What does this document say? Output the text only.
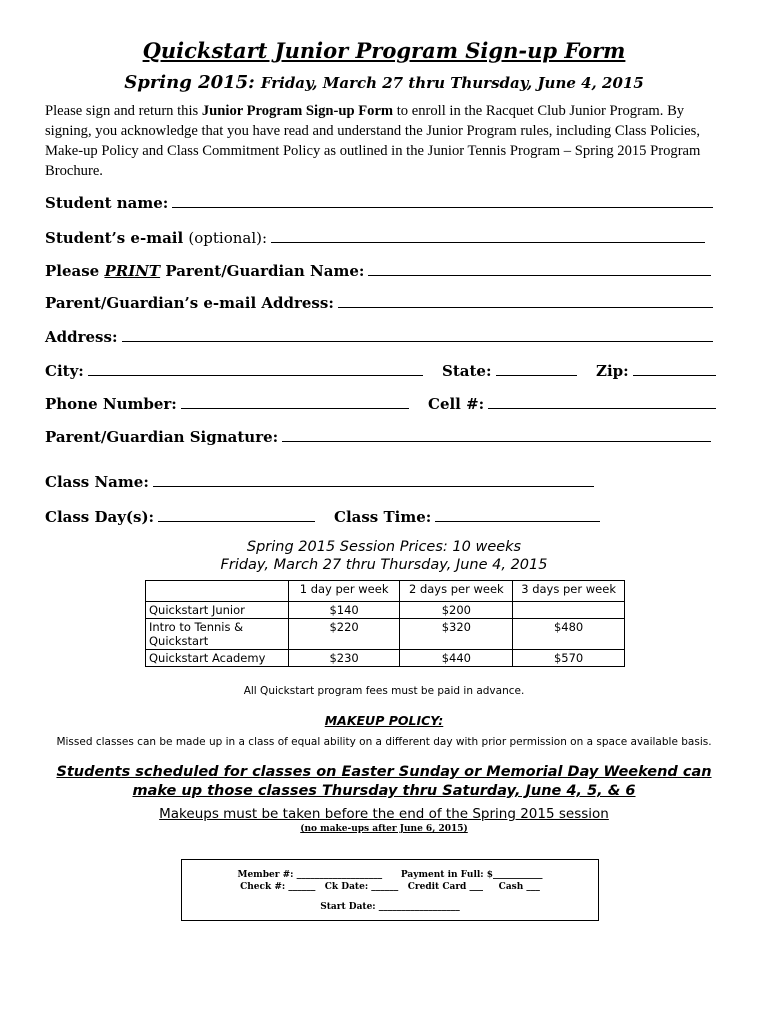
Quickstart Junior Program Sign-up Form
Spring 2015: Friday, March 27 thru Thursday, June 4, 2015
Please sign and return this Junior Program Sign-up Form to enroll in the Racquet Club Junior Program. By signing, you acknowledge that you have read and understand the Junior Program rules, including Class Policies, Make-up Policy and Class Commitment Policy as outlined in the Junior Tennis Program – Spring 2015 Program Brochure.
Student name:
Student’s e-mail (optional):
Please PRINT Parent/Guardian Name:
Parent/Guardian’s e-mail Address:
Address:
City:	State:	Zip:
Phone Number:	Cell #:
Parent/Guardian Signature:
Class Name:
Class Day(s):	Class Time:
Spring 2015 Session Prices: 10 weeks
Friday, March 27 thru Thursday, June 4, 2015
	1 day per week	2 days per week	3 days per week
Quickstart Junior	$140	$200	
Intro to Tennis & Quickstart	$220	$320	$480
Quickstart Academy	$230	$440	$570
All Quickstart program fees must be paid in advance.
MAKEUP POLICY:
Missed classes can be made up in a class of equal ability on a different day with prior permission on a space available basis.
Students scheduled for classes on Easter Sunday or Memorial Day Weekend can make up those classes Thursday thru Saturday, June 4, 5, & 6
Makeups must be taken before the end of the Spring 2015 session
(no make-ups after June 6, 2015)
Member #: ___________________ Payment in Full: $___________
Check #: ______ Ck Date: ______ Credit Card ___ Cash ___
Start Date: __________________
